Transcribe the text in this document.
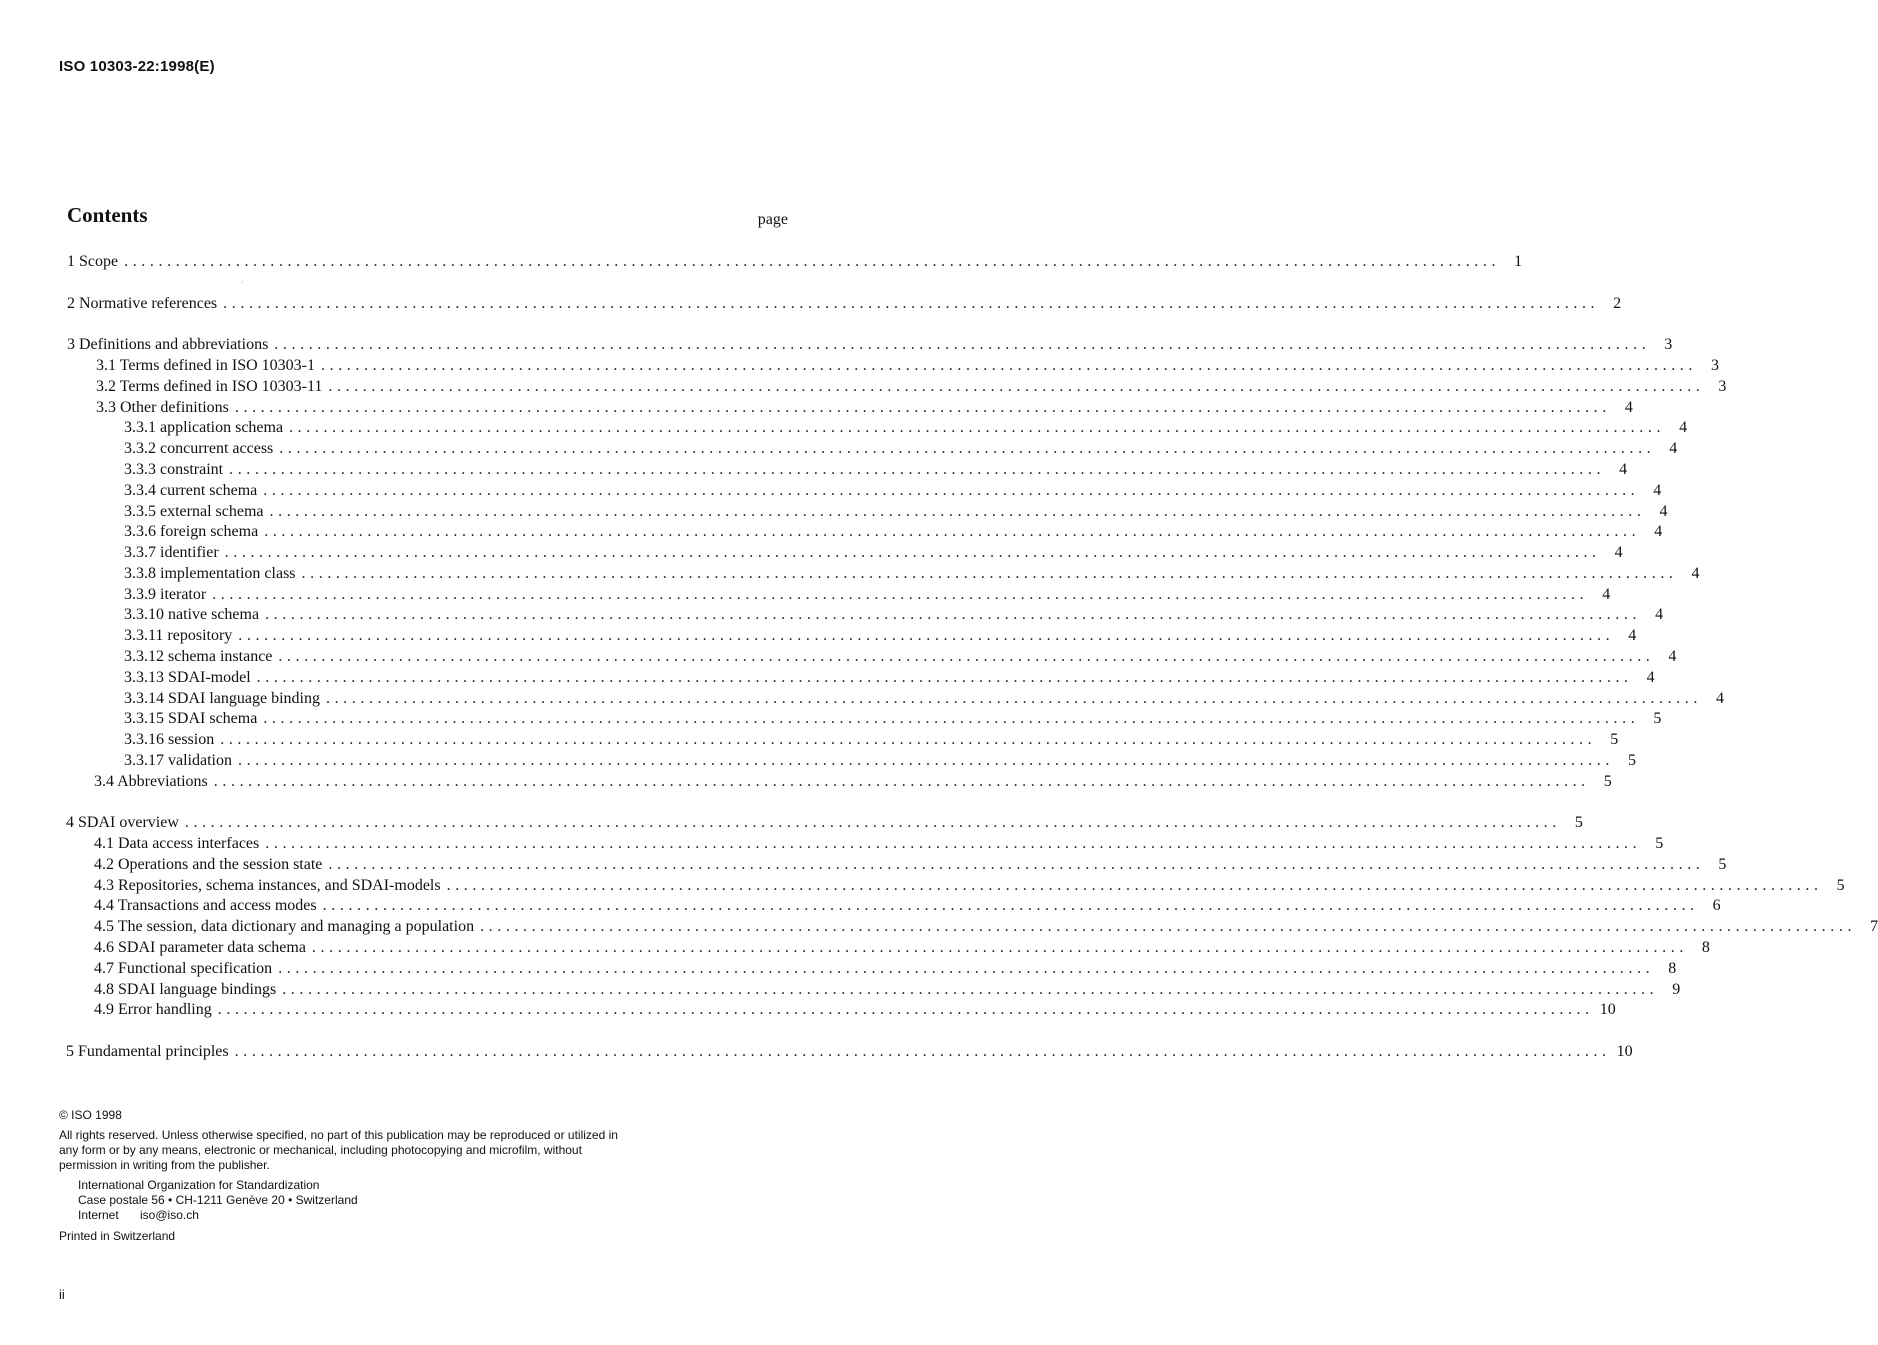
ISO 10303-22:1998(E)
Contents	page
·'
1 Scope ................................................................................................................................................................ 1
2 Normative references ................................................................................................................................................................ 2
3 Definitions and abbreviations ................................................................................................................................................................ 3
3.1 Terms defined in ISO 10303-1 ................................................................................................................................................................ 3
3.2 Terms defined in ISO 10303-11 ................................................................................................................................................................ 3
3.3 Other definitions ................................................................................................................................................................ 4
3.3.1 application schema ................................................................................................................................................................ 4
3.3.2 concurrent access ................................................................................................................................................................ 4
3.3.3 constraint ................................................................................................................................................................ 4
3.3.4 current schema ................................................................................................................................................................ 4
3.3.5 external schema ................................................................................................................................................................ 4
3.3.6 foreign schema ................................................................................................................................................................ 4
3.3.7 identifier ................................................................................................................................................................ 4
3.3.8 implementation class ................................................................................................................................................................ 4
3.3.9 iterator ................................................................................................................................................................ 4
3.3.10 native schema ................................................................................................................................................................ 4
3.3.11 repository ................................................................................................................................................................ 4
3.3.12 schema instance ................................................................................................................................................................ 4
3.3.13 SDAI-model ................................................................................................................................................................ 4
3.3.14 SDAI language binding ................................................................................................................................................................ 4
3.3.15 SDAI schema ................................................................................................................................................................ 5
3.3.16 session ................................................................................................................................................................ 5
3.3.17 validation ................................................................................................................................................................ 5
3.4 Abbreviations ................................................................................................................................................................ 5
4 SDAI overview ................................................................................................................................................................ 5
4.1 Data access interfaces ................................................................................................................................................................ 5
4.2 Operations and the session state ................................................................................................................................................................ 5
4.3 Repositories, schema instances, and SDAI-models ................................................................................................................................................................ 5
4.4 Transactions and access modes ................................................................................................................................................................ 6
4.5 The session, data dictionary and managing a population ................................................................................................................................................................ 7
4.6 SDAI parameter data schema ................................................................................................................................................................ 8
4.7 Functional specification ................................................................................................................................................................ 8
4.8 SDAI language bindings ................................................................................................................................................................ 9
4.9 Error handling ................................................................................................................................................................ 10
5 Fundamental principles ................................................................................................................................................................ 10
© ISO 1998
All rights reserved. Unless otherwise specified, no part of this publication may be reproduced or utilized in any form or by any means, electronic or mechanical, including photocopying and microfilm, without permission in writing from the publisher.
International Organization for Standardization
Case postale 56 • CH-1211 Genève 20 • Switzerland
Internet iso@iso.ch
Printed in Switzerland
ii
